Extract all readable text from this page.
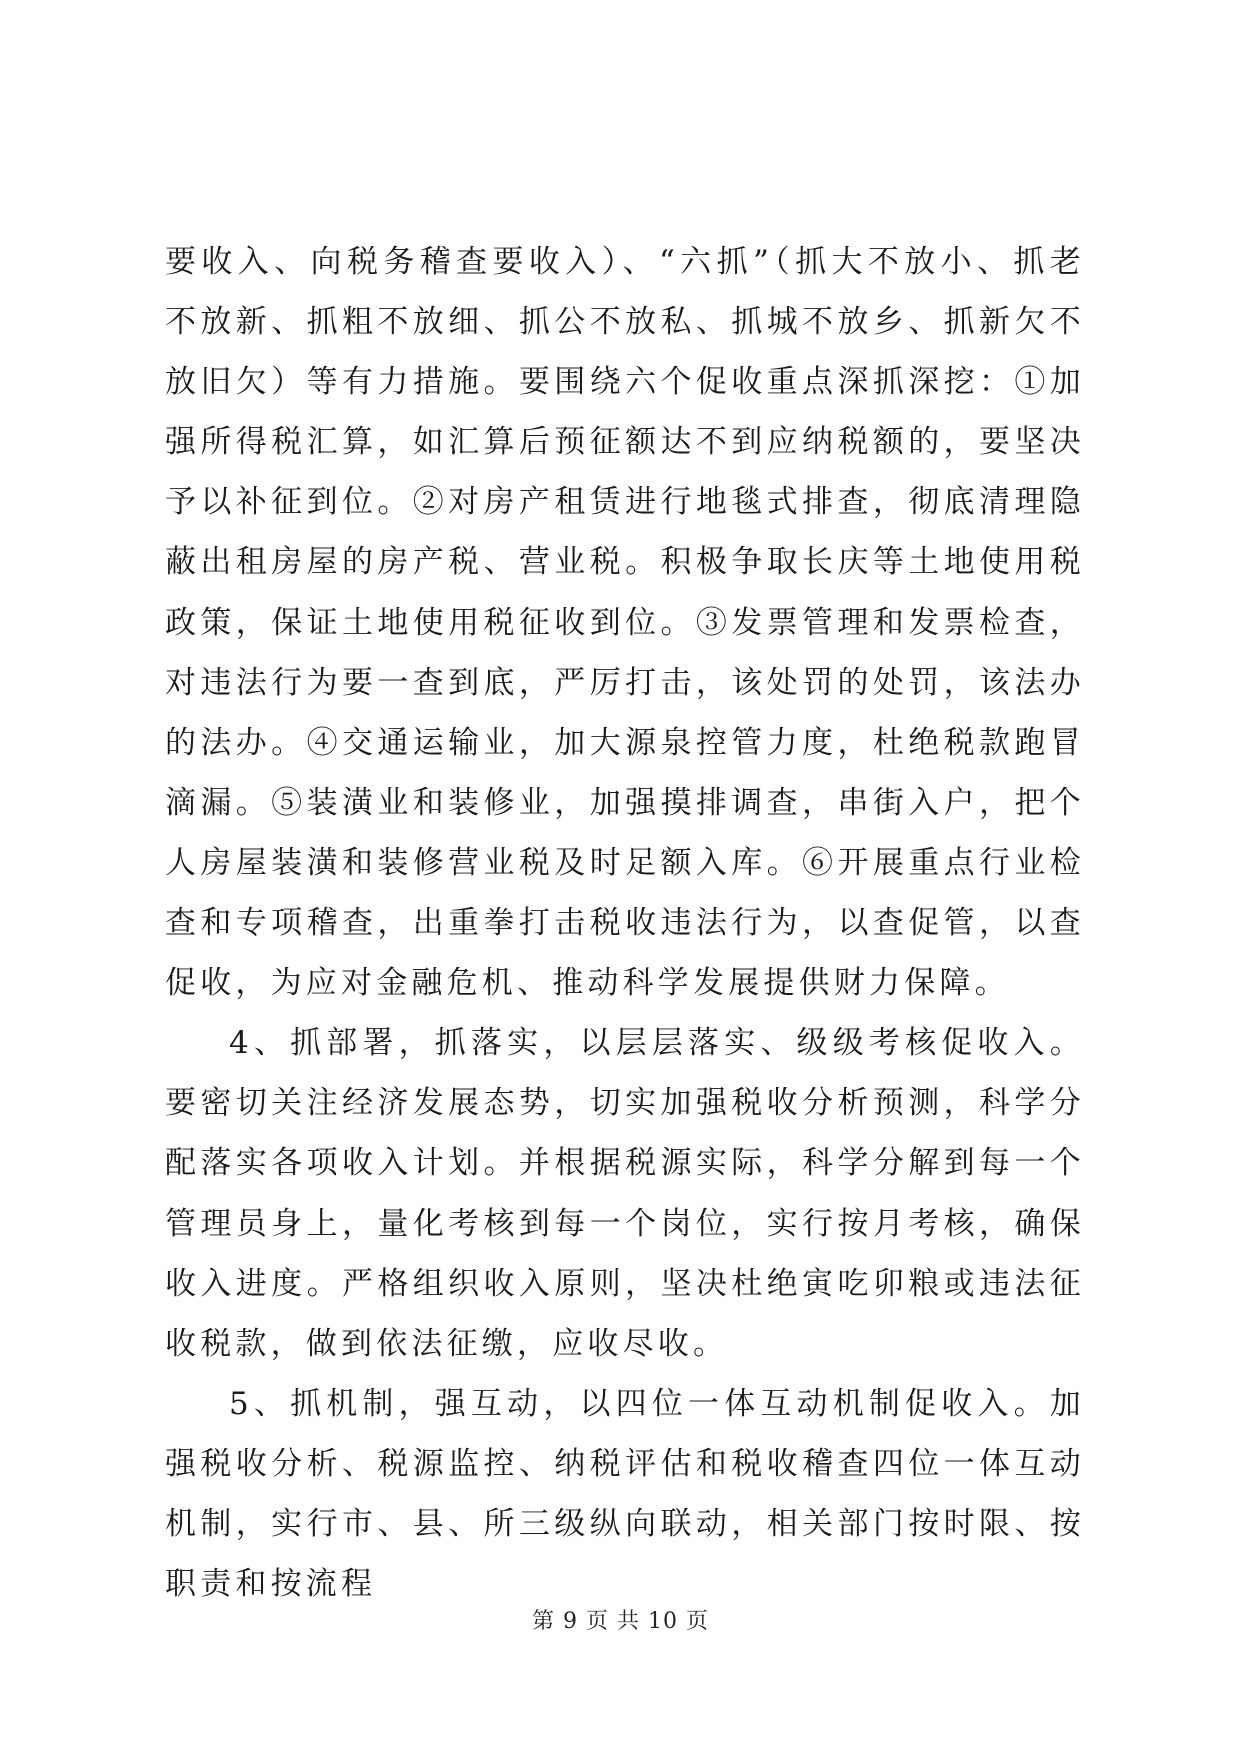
要收入、向税务稽查要收入）、“六抓”（抓大不放小、抓老不放新、抓粗不放细、抓公不放私、抓城不放乡、抓新欠不放旧欠）等有力措施。要围绕六个促收重点深抓深挖：①加强所得税汇算，如汇算后预征额达不到应纳税额的，要坚决予以补征到位。②对房产租赁进行地毯式排查，彻底清理隐蔽出租房屋的房产税、营业税。积极争取长庆等土地使用税政策，保证土地使用税征收到位。③发票管理和发票检查，对违法行为要一查到底，严厉打击，该处罚的处罚，该法办的法办。④交通运输业，加大源泉控管力度，杜绝税款跑冒滴漏。⑤装潢业和装修业，加强摸排调查，串街入户，把个人房屋装潢和装修营业税及时足额入库。⑥开展重点行业检查和专项稽查，出重拳打击税收违法行为，以查促管，以查促收，为应对金融危机、推动科学发展提供财力保障。

4、抓部署，抓落实，以层层落实、级级考核促收入。要密切关注经济发展态势，切实加强税收分析预测，科学分配落实各项收入计划。并根据税源实际，科学分解到每一个管理员身上，量化考核到每一个岗位，实行按月考核，确保收入进度。严格组织收入原则，坚决杜绝寅吃卯粮或违法征收税款，做到依法征缴，应收尽收。

5、抓机制，强互动，以四位一体互动机制促收入。加强税收分析、税源监控、纳税评估和税收稽查四位一体互动机制，实行市、县、所三级纵向联动，相关部门按时限、按职责和按流程

第 9 页 共 10 页
